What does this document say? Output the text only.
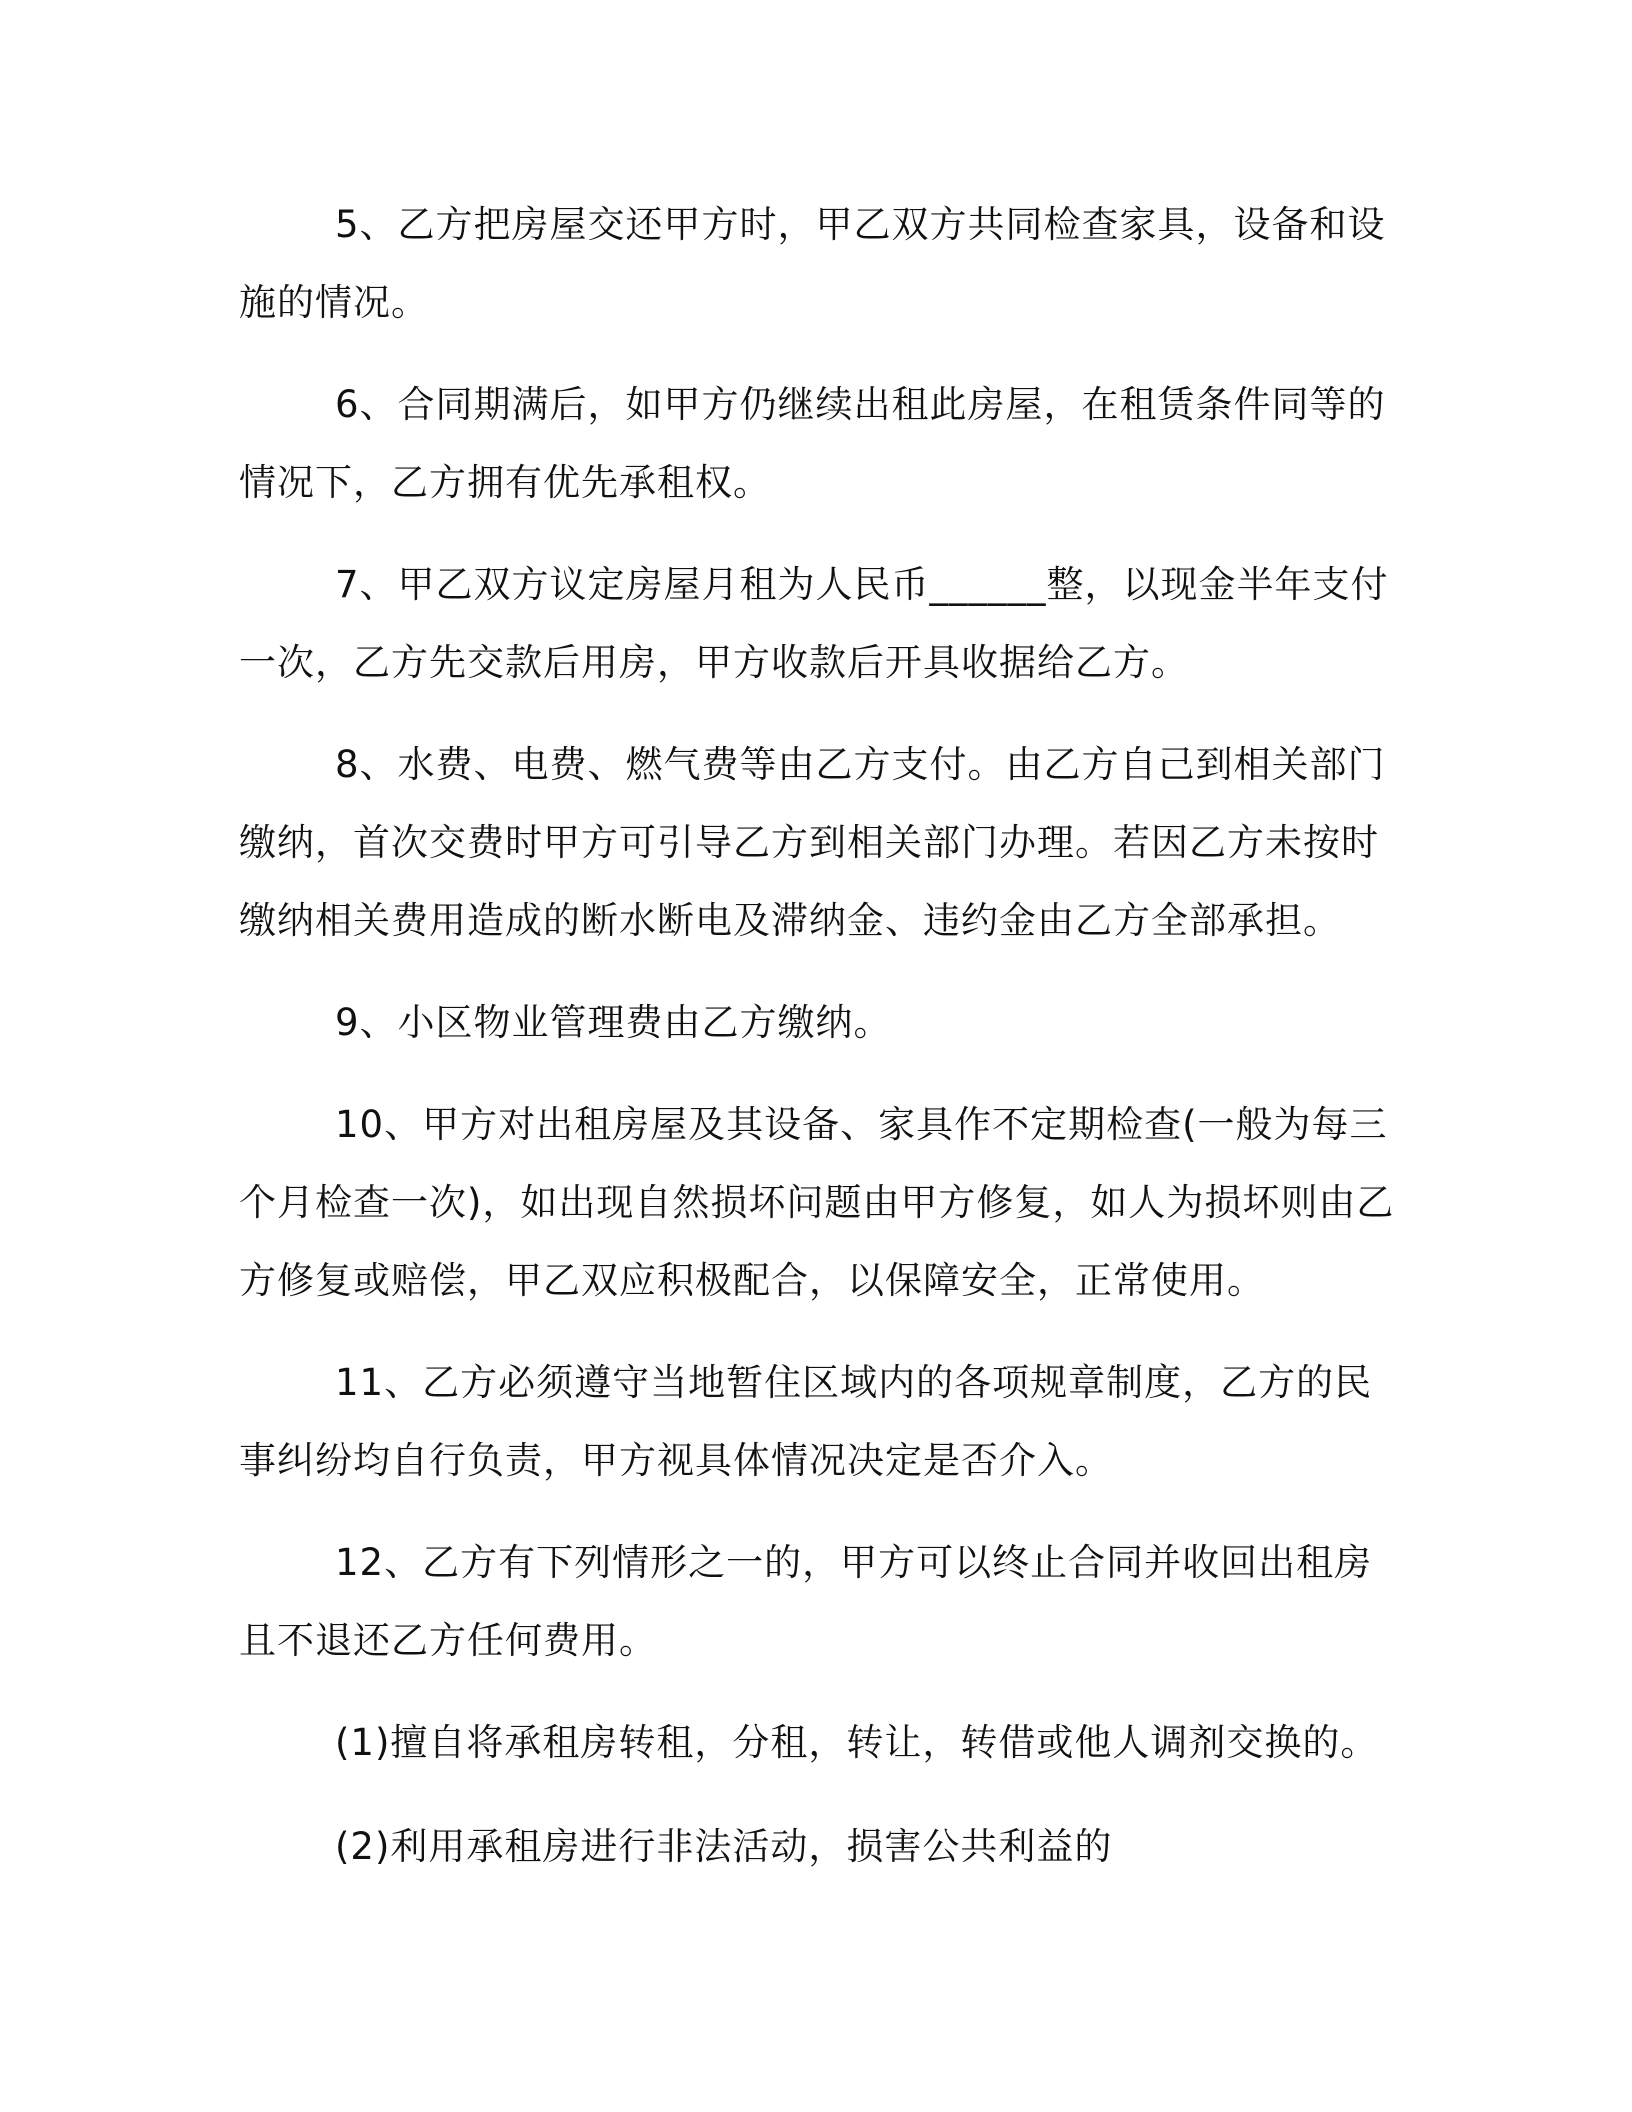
5、乙方把房屋交还甲方时，甲乙双方共同检查家具，设备和设施的情况。

6、合同期满后，如甲方仍继续出租此房屋，在租赁条件同等的情况下，乙方拥有优先承租权。

7、甲乙双方议定房屋月租为人民币______整，以现金半年支付一次，乙方先交款后用房，甲方收款后开具收据给乙方。

8、水费、电费、燃气费等由乙方支付。由乙方自己到相关部门缴纳，首次交费时甲方可引导乙方到相关部门办理。若因乙方未按时缴纳相关费用造成的断水断电及滞纳金、违约金由乙方全部承担。

9、小区物业管理费由乙方缴纳。

10、甲方对出租房屋及其设备、家具作不定期检查(一般为每三个月检查一次)，如出现自然损坏问题由甲方修复，如人为损坏则由乙方修复或赔偿，甲乙双应积极配合，以保障安全，正常使用。

11、乙方必须遵守当地暂住区域内的各项规章制度，乙方的民事纠纷均自行负责，甲方视具体情况决定是否介入。

12、乙方有下列情形之一的，甲方可以终止合同并收回出租房且不退还乙方任何费用。

(1)擅自将承租房转租，分租，转让，转借或他人调剂交换的。

(2)利用承租房进行非法活动，损害公共利益的
